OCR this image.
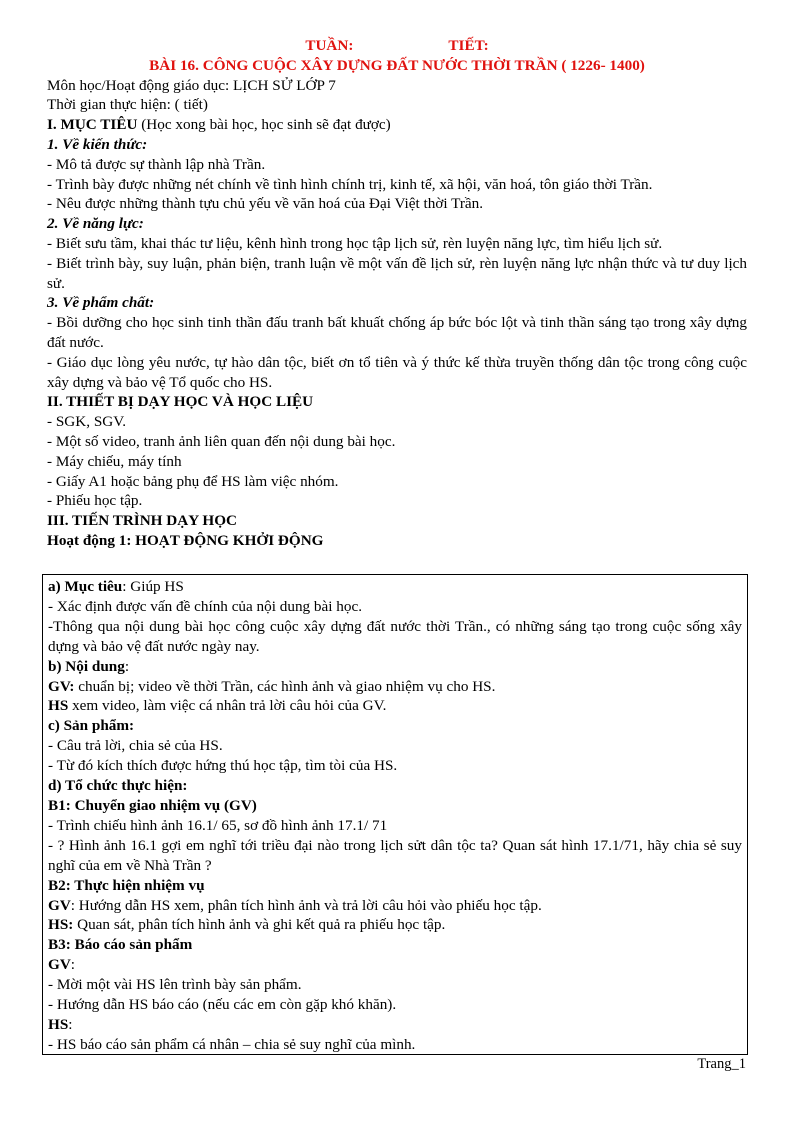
TUẦN:	TIẾT:

BÀI 16. CÔNG CUỘC XÂY DỰNG ĐẤT NƯỚC THỜI TRẦN ( 1226- 1400)

Môn học/Hoạt động giáo dục: LỊCH SỬ LỚP 7

Thời gian thực hiện: ( tiết)

I. MỤC TIÊU (Học xong bài học, học sinh sẽ đạt được)

1. Về kiến thức:

- Mô tả được sự thành lập nhà Trần.

- Trình bày được những nét chính về tình hình chính trị, kinh tế, xã hội, văn hoá, tôn giáo thời Trần.

- Nêu được những thành tựu chủ yếu về văn hoá của Đại Việt thời Trần.

2. Về năng lực:

- Biết sưu tầm, khai thác tư liệu, kênh hình trong học tập lịch sử, rèn luyện năng lực, tìm hiểu lịch sử.

- Biết trình bày, suy luận, phản biện, tranh luận về một vấn đề lịch sử, rèn luyện năng lực nhận thức và tư duy lịch sử.

3. Về phẩm chất:

- Bồi dưỡng cho học sinh tinh thần đấu tranh bất khuất chống áp bức bóc lột và tinh thần sáng tạo trong xây dựng đất nước.

- Giáo dục lòng yêu nước, tự hào dân tộc, biết ơn tổ tiên và ý thức kế thừa truyền thống dân tộc trong công cuộc xây dựng và bảo vệ Tổ quốc cho HS.

II. THIẾT BỊ DẠY HỌC VÀ HỌC LIỆU

- SGK, SGV.

- Một số video, tranh ảnh liên quan đến nội dung bài học.

- Máy chiếu, máy tính

- Giấy A1 hoặc bảng phụ để HS làm việc nhóm.

- Phiếu học tập.

III. TIẾN TRÌNH DẠY HỌC

Hoạt động 1: HOẠT ĐỘNG KHỞI ĐỘNG

a) Mục tiêu: Giúp HS

- Xác định được vấn đề chính của nội dung bài học.

-Thông qua nội dung bài học công cuộc xây dựng đất nước thời Trần., có những sáng tạo trong cuộc sống xây dựng và bảo vệ đất nước ngày nay.

b) Nội dung:

GV: chuẩn bị; video về thời Trần, các hình ảnh và giao nhiệm vụ cho HS.

HS xem video, làm việc cá nhân trả lời câu hỏi của GV.

c) Sản phẩm:

- Câu trả lời, chia sẻ của HS.

- Từ đó kích thích được hứng thú học tập, tìm tòi của HS.

d) Tổ chức thực hiện:

B1: Chuyển giao nhiệm vụ (GV)

- Trình chiếu hình ảnh 16.1/ 65, sơ đồ hình ảnh 17.1/ 71

- ? Hình ảnh 16.1 gợi em nghĩ tới triều đại nào trong lịch sửt dân tộc ta? Quan sát hình 17.1/71, hãy chia sẻ suy nghĩ của em về Nhà Trần ?

B2: Thực hiện nhiệm vụ

GV: Hướng dẫn HS xem, phân tích hình ảnh và trả lời câu hỏi vào phiếu học tập.

HS: Quan sát, phân tích hình ảnh và ghi kết quả ra phiếu học tập.

B3: Báo cáo sản phẩm

GV:

- Mời một vài HS lên trình bày sản phẩm.

- Hướng dẫn HS báo cáo (nếu các em còn gặp khó khăn).

HS:

- HS báo cáo sản phẩm cá nhân – chia sẻ suy nghĩ của mình.

Trang_1
